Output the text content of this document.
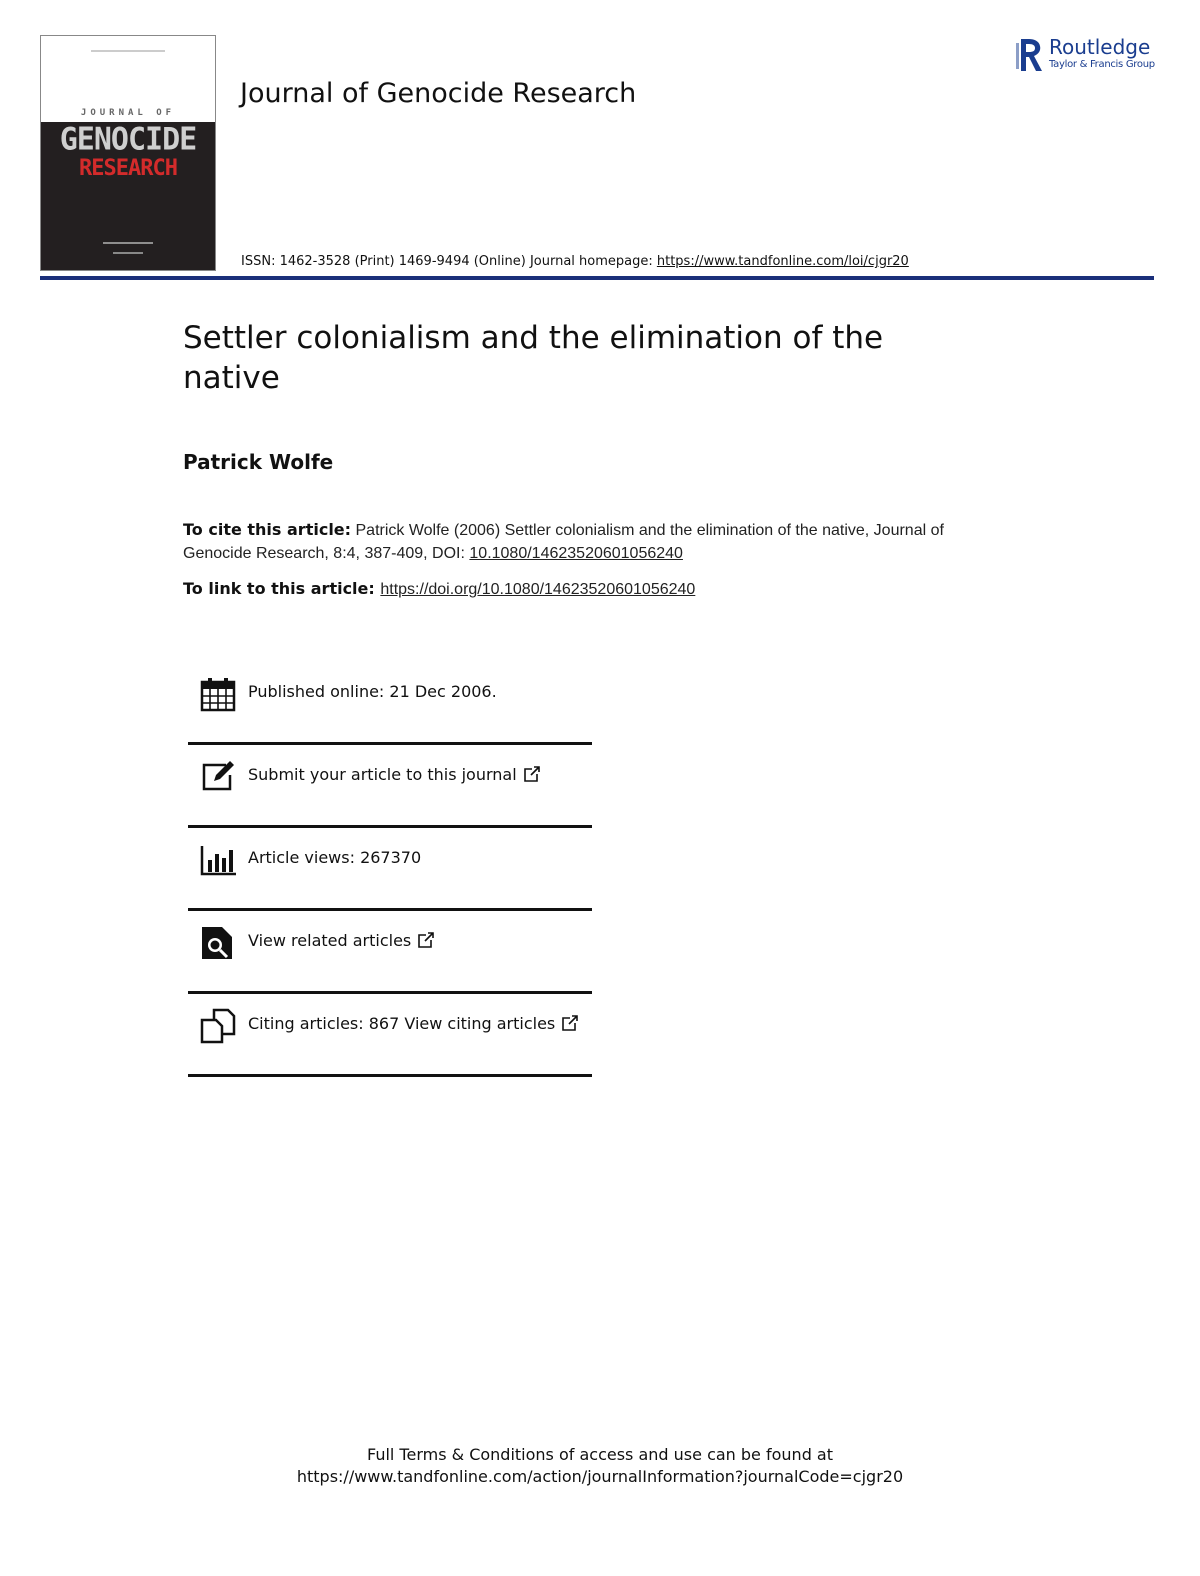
JOURNAL OF
GENOCIDE
RESEARCH
Journal of Genocide Research
Routledge
Taylor & Francis Group
ISSN: 1462-3528 (Print) 1469-9494 (Online) Journal homepage: https://www.tandfonline.com/loi/cjgr20
Settler colonialism and the elimination of the native
Patrick Wolfe
To cite this article: Patrick Wolfe (2006) Settler colonialism and the elimination of the native, Journal of Genocide Research, 8:4, 387-409, DOI: 10.1080/14623520601056240
To link to this article: https://doi.org/10.1080/14623520601056240
Published online: 21 Dec 2006.
Submit your article to this journal
Article views: 267370
View related articles
Citing articles: 867 View citing articles
Full Terms & Conditions of access and use can be found at
https://www.tandfonline.com/action/journalInformation?journalCode=cjgr20
